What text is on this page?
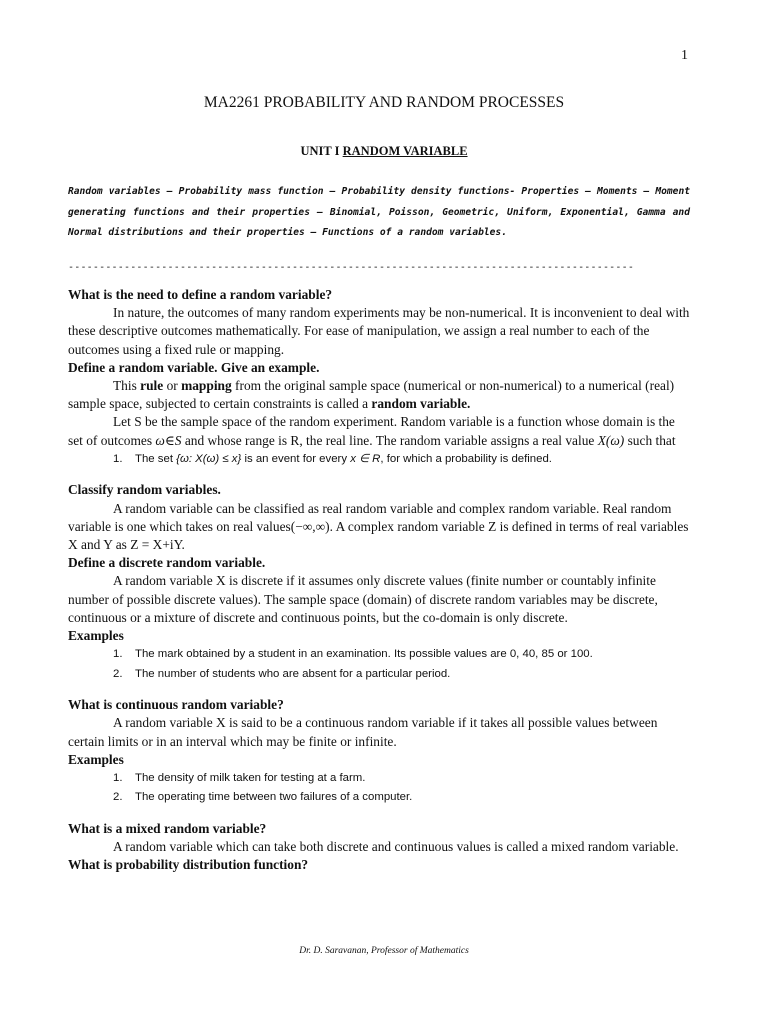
1
MA2261 PROBABILITY AND RANDOM PROCESSES
UNIT I RANDOM VARIABLE
Random variables – Probability mass function – Probability density functions- Properties – Moments – Moment generating functions and their properties – Binomial, Poisson, Geometric, Uniform, Exponential, Gamma and Normal distributions and their properties – Functions of a random variables.
-------------------------------------------------------------------------------------------

What is the need to define a random variable?

In nature, the outcomes of many random experiments may be non-numerical. It is inconvenient to deal with these descriptive outcomes mathematically. For ease of manipulation, we assign a real number to each of the outcomes using a fixed rule or mapping.

Define a random variable. Give an example.

This rule or mapping from the original sample space (numerical or non-numerical) to a numerical (real) sample space, subjected to certain constraints is called a random variable.

Let S be the sample space of the random experiment. Random variable is a function whose domain is the set of outcomes ω∈S and whose range is R, the real line. The random variable assigns a real value X(ω) such that

1. The set {ω: X(ω) ≤ x} is an event for every x ∈ R, for which a probability is defined.

Classify random variables.

A random variable can be classified as real random variable and complex random variable. Real random variable is one which takes on real values(−∞,∞). A complex random variable Z is defined in terms of real variables X and Y as Z = X+iY.

Define a discrete random variable.

A random variable X is discrete if it assumes only discrete values (finite number or countably infinite number of possible discrete values). The sample space (domain) of discrete random variables may be discrete, continuous or a mixture of discrete and continuous points, but the co-domain is only discrete.

Examples

1. The mark obtained by a student in an examination. Its possible values are 0, 40, 85 or 100.
2. The number of students who are absent for a particular period.

What is continuous random variable?

A random variable X is said to be a continuous random variable if it takes all possible values between certain limits or in an interval which may be finite or infinite.

Examples

1. The density of milk taken for testing at a farm.
2. The operating time between two failures of a computer.

What is a mixed random variable?

A random variable which can take both discrete and continuous values is called a mixed random variable.

What is probability distribution function?

Dr. D. Saravanan, Professor of Mathematics
